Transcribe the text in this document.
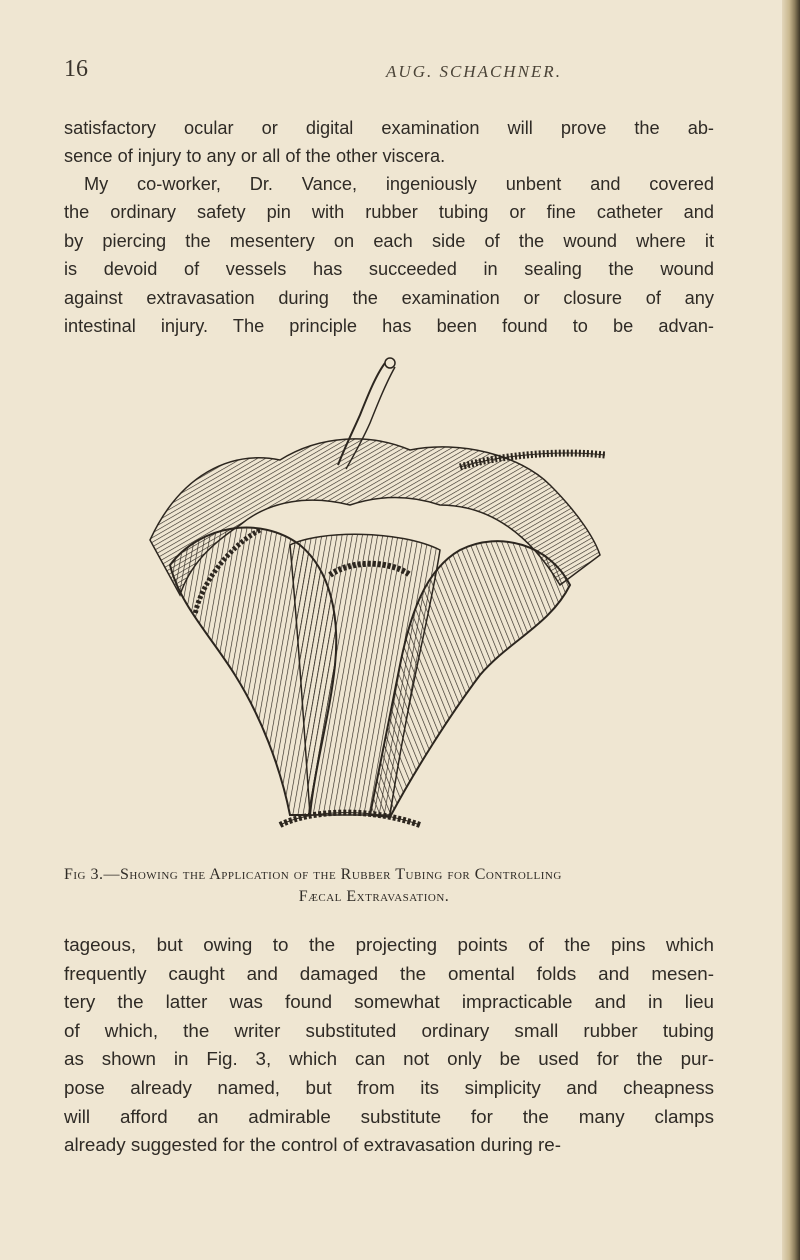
16	AUG. SCHACHNER.

satisfactory ocular or digital examination will prove the ab-
sence of injury to any or all of the other viscera.

My co-worker, Dr. Vance, ingeniously unbent and covered
the ordinary safety pin with rubber tubing or fine catheter and
by piercing the mesentery on each side of the wound where it
is devoid of vessels has succeeded in sealing the wound
against extravasation during the examination or closure of any
intestinal injury. The principle has been found to be advan-

Fig 3.—Showing the Application of the Rubber Tubing for Controlling
Fæcal Extravasation.

tageous, but owing to the projecting points of the pins which
frequently caught and damaged the omental folds and mesen-
tery the latter was found somewhat impracticable and in lieu
of which, the writer substituted ordinary small rubber tubing
as shown in Fig. 3, which can not only be used for the pur-
pose already named, but from its simplicity and cheapness
will afford an admirable substitute for the many clamps
already suggested for the control of extravasation during re-
